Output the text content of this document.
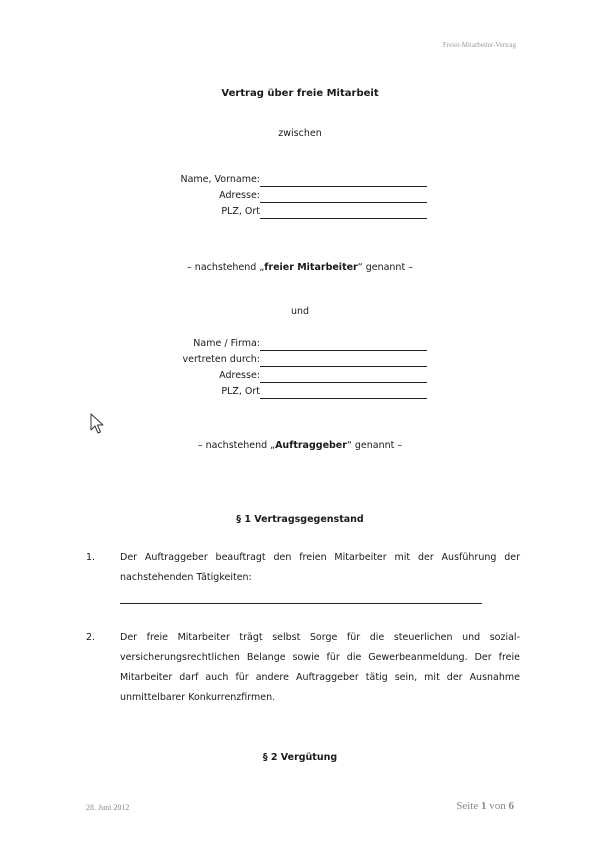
Freier-Mitarbeiter-Vertrag
Vertrag über freie Mitarbeit
zwischen
Name, Vorname:
Adresse:
PLZ, Ort
– nachstehend „freier Mitarbeiter“ genannt –
und
Name / Firma:
vertreten durch:
Adresse:
PLZ, Ort
– nachstehend „Auftraggeber“ genannt –
§ 1 Vertragsgegenstand
1.	Der Auftraggeber beauftragt den freien Mitarbeiter mit der Ausführung der nachstehenden Tätigkeiten:
2.	Der freie Mitarbeiter trägt selbst Sorge für die steuerlichen und sozial-versicherungsrechtlichen Belange sowie für die Gewerbeanmeldung. Der freie Mitarbeiter darf auch für andere Auftraggeber tätig sein, mit der Ausnahme unmittelbarer Konkurrenzfirmen.
§ 2 Vergütung
28. Juni 2012	Seite 1 von 6
